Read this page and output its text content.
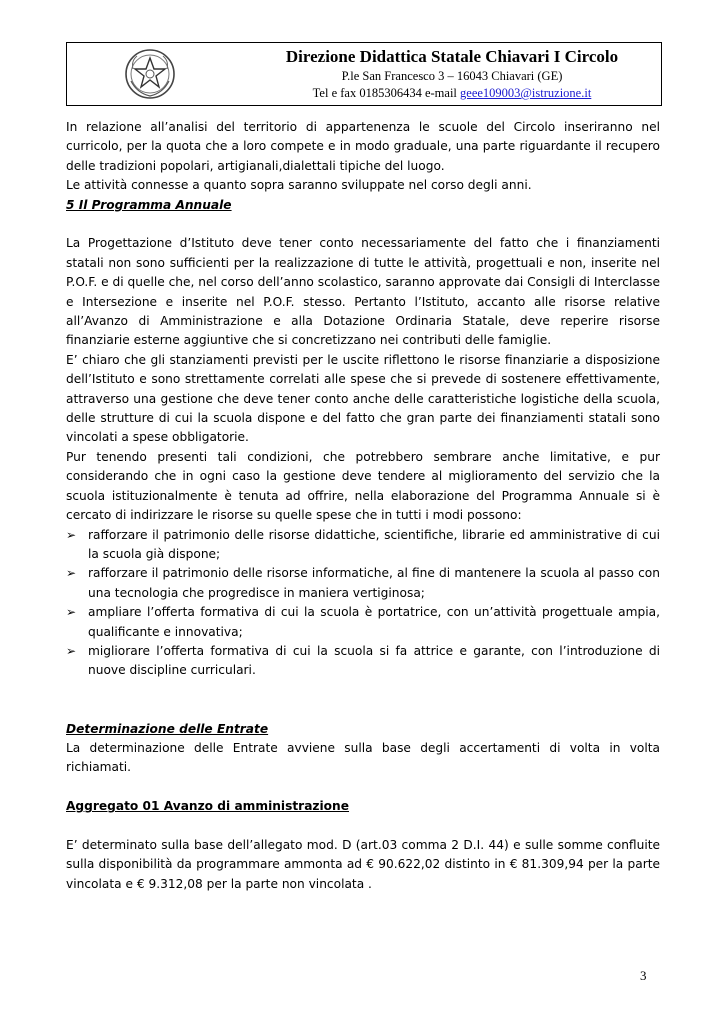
Direzione Didattica Statale Chiavari I Circolo
P.le San Francesco 3 – 16043 Chiavari (GE)
Tel e fax 0185306434 e-mail geee109003@istruzione.it

In relazione all’analisi del territorio di appartenenza le scuole del Circolo inseriranno nel curricolo, per la quota che a loro compete e in modo graduale, una parte riguardante il recupero delle tradizioni popolari, artigianali,dialettali tipiche del luogo.

Le attività connesse a quanto sopra saranno sviluppate nel corso degli anni.

5 Il Programma Annuale

La Progettazione d’Istituto deve tener conto necessariamente del fatto che i finanziamenti statali non sono sufficienti per la realizzazione di tutte le attività, progettuali e non, inserite nel P.O.F. e di quelle che, nel corso dell’anno scolastico, saranno approvate dai Consigli di Interclasse e Intersezione e inserite nel P.O.F. stesso. Pertanto l’Istituto, accanto alle risorse relative all’Avanzo di Amministrazione e alla Dotazione Ordinaria Statale, deve reperire risorse finanziarie esterne aggiuntive che si concretizzano nei contributi delle famiglie.

E’ chiaro che gli stanziamenti previsti per le uscite riflettono le risorse finanziarie a disposizione dell’Istituto e sono strettamente correlati alle spese che si prevede di sostenere effettivamente, attraverso una gestione che deve tener conto anche delle caratteristiche logistiche della scuola, delle strutture di cui la scuola dispone e del fatto che gran parte dei finanziamenti statali sono vincolati a spese obbligatorie.

Pur tenendo presenti tali condizioni, che potrebbero sembrare anche limitative, e pur considerando che in ogni caso la gestione deve tendere al miglioramento del servizio che la scuola istituzionalmente è tenuta ad offrire, nella elaborazione del Programma Annuale si è cercato di indirizzare le risorse su quelle spese che in tutti i modi possono:

➢ rafforzare il patrimonio delle risorse didattiche, scientifiche, librarie ed amministrative di cui la scuola già dispone;
➢ rafforzare il patrimonio delle risorse informatiche, al fine di mantenere la scuola al passo con una tecnologia che progredisce in maniera vertiginosa;
➢ ampliare l’offerta formativa di cui la scuola è portatrice, con un’attività progettuale ampia, qualificante e innovativa;
➢ migliorare l’offerta formativa di cui la scuola si fa attrice e garante, con l’introduzione di nuove discipline curriculari.

Determinazione delle Entrate

La determinazione delle Entrate avviene sulla base degli accertamenti di volta in volta richiamati.

Aggregato 01 Avanzo di amministrazione

E’ determinato sulla base dell’allegato mod. D (art.03 comma 2 D.I. 44) e sulle somme confluite sulla disponibilità da programmare ammonta ad € 90.622,02 distinto in € 81.309,94 per la parte vincolata e € 9.312,08 per la parte non vincolata .

3
